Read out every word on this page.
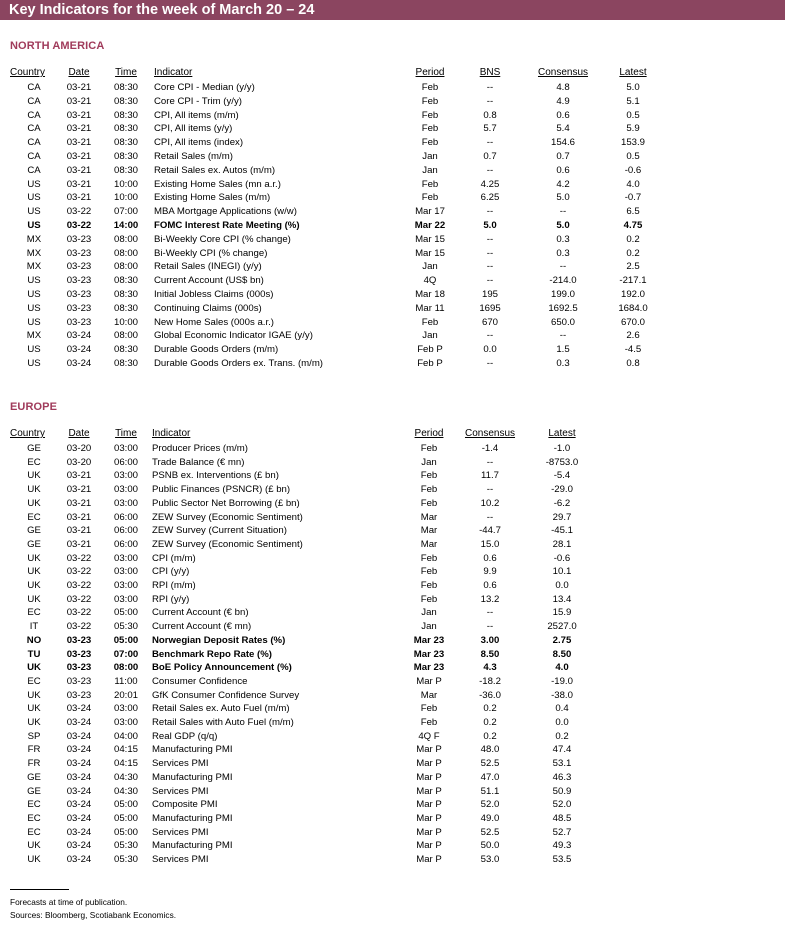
Key Indicators for the week of March 20 – 24
NORTH AMERICA
Country	Date	Time	Indicator	Period	BNS	Consensus	Latest
CA	03-21	08:30	Core CPI - Median (y/y)	Feb	--	4.8	5.0
CA	03-21	08:30	Core CPI - Trim (y/y)	Feb	--	4.9	5.1
CA	03-21	08:30	CPI, All items (m/m)	Feb	0.8	0.6	0.5
CA	03-21	08:30	CPI, All items (y/y)	Feb	5.7	5.4	5.9
CA	03-21	08:30	CPI, All items (index)	Feb	--	154.6	153.9
CA	03-21	08:30	Retail Sales (m/m)	Jan	0.7	0.7	0.5
CA	03-21	08:30	Retail Sales ex. Autos (m/m)	Jan	--	0.6	-0.6
US	03-21	10:00	Existing Home Sales (mn a.r.)	Feb	4.25	4.2	4.0
US	03-21	10:00	Existing Home Sales (m/m)	Feb	6.25	5.0	-0.7
US	03-22	07:00	MBA Mortgage Applications (w/w)	Mar 17	--	--	6.5
US	03-22	14:00	FOMC Interest Rate Meeting (%)	Mar 22	5.0	5.0	4.75
MX	03-23	08:00	Bi-Weekly Core CPI (% change)	Mar 15	--	0.3	0.2
MX	03-23	08:00	Bi-Weekly CPI (% change)	Mar 15	--	0.3	0.2
MX	03-23	08:00	Retail Sales (INEGI) (y/y)	Jan	--	--	2.5
US	03-23	08:30	Current Account (US$ bn)	4Q	--	-214.0	-217.1
US	03-23	08:30	Initial Jobless Claims (000s)	Mar 18	195	199.0	192.0
US	03-23	08:30	Continuing Claims (000s)	Mar 11	1695	1692.5	1684.0
US	03-23	10:00	New Home Sales (000s a.r.)	Feb	670	650.0	670.0
MX	03-24	08:00	Global Economic Indicator IGAE (y/y)	Jan	--	--	2.6
US	03-24	08:30	Durable Goods Orders (m/m)	Feb P	0.0	1.5	-4.5
US	03-24	08:30	Durable Goods Orders ex. Trans. (m/m)	Feb P	--	0.3	0.8
EUROPE
Country	Date	Time	Indicator	Period	Consensus	Latest
GE	03-20	03:00	Producer Prices (m/m)	Feb	-1.4	-1.0
EC	03-20	06:00	Trade Balance (€ mn)	Jan	--	-8753.0
UK	03-21	03:00	PSNB ex. Interventions (£ bn)	Feb	11.7	-5.4
UK	03-21	03:00	Public Finances (PSNCR) (£ bn)	Feb	--	-29.0
UK	03-21	03:00	Public Sector Net Borrowing (£ bn)	Feb	10.2	-6.2
EC	03-21	06:00	ZEW Survey (Economic Sentiment)	Mar	--	29.7
GE	03-21	06:00	ZEW Survey (Current Situation)	Mar	-44.7	-45.1
GE	03-21	06:00	ZEW Survey (Economic Sentiment)	Mar	15.0	28.1
UK	03-22	03:00	CPI (m/m)	Feb	0.6	-0.6
UK	03-22	03:00	CPI (y/y)	Feb	9.9	10.1
UK	03-22	03:00	RPI (m/m)	Feb	0.6	0.0
UK	03-22	03:00	RPI (y/y)	Feb	13.2	13.4
EC	03-22	05:00	Current Account (€ bn)	Jan	--	15.9
IT	03-22	05:30	Current Account (€ mn)	Jan	--	2527.0
NO	03-23	05:00	Norwegian Deposit Rates (%)	Mar 23	3.00	2.75
TU	03-23	07:00	Benchmark Repo Rate (%)	Mar 23	8.50	8.50
UK	03-23	08:00	BoE Policy Announcement (%)	Mar 23	4.3	4.0
EC	03-23	11:00	Consumer Confidence	Mar P	-18.2	-19.0
UK	03-23	20:01	GfK Consumer Confidence Survey	Mar	-36.0	-38.0
UK	03-24	03:00	Retail Sales ex. Auto Fuel (m/m)	Feb	0.2	0.4
UK	03-24	03:00	Retail Sales with Auto Fuel (m/m)	Feb	0.2	0.0
SP	03-24	04:00	Real GDP (q/q)	4Q F	0.2	0.2
FR	03-24	04:15	Manufacturing PMI	Mar P	48.0	47.4
FR	03-24	04:15	Services PMI	Mar P	52.5	53.1
GE	03-24	04:30	Manufacturing PMI	Mar P	47.0	46.3
GE	03-24	04:30	Services PMI	Mar P	51.1	50.9
EC	03-24	05:00	Composite PMI	Mar P	52.0	52.0
EC	03-24	05:00	Manufacturing PMI	Mar P	49.0	48.5
EC	03-24	05:00	Services PMI	Mar P	52.5	52.7
UK	03-24	05:30	Manufacturing PMI	Mar P	50.0	49.3
UK	03-24	05:30	Services PMI	Mar P	53.0	53.5
Forecasts at time of publication.
Sources: Bloomberg, Scotiabank Economics.
